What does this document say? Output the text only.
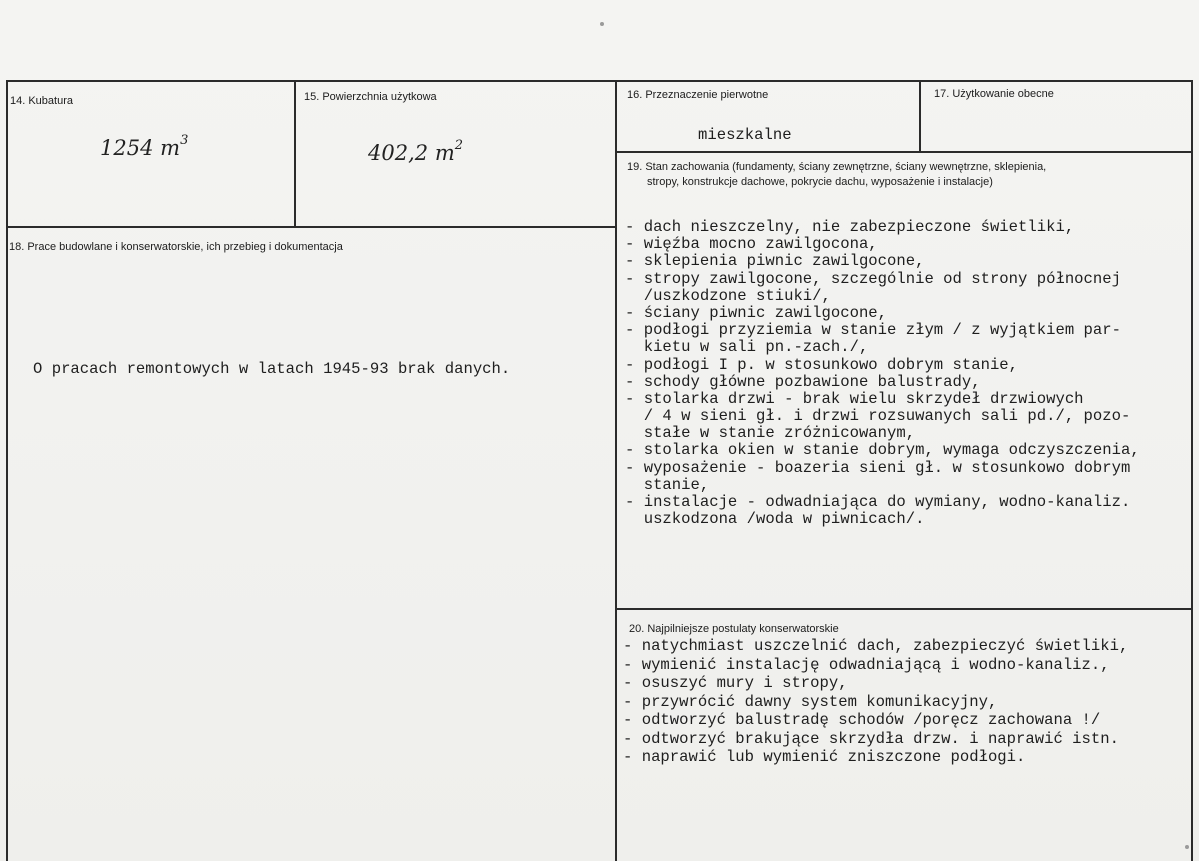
14. Kubatura
1254 $m^3$
15. Powierzchnia użytkowa
402,2 $m^2$
16. Przeznaczenie pierwotne
mieszkalne
17. Użytkowanie obecne
18. Prace budowlane i konserwatorskie, ich przebieg i dokumentacja
O pracach remontowych w latach 1945-93 brak danych.
19. Stan zachowania (fundamenty, ściany zewnętrzne, ściany wewnętrzne, sklepienia,
stropy, konstrukcje dachowe, pokrycie dachu, wyposażenie i instalacje)
- dach nieszczelny, nie zabezpieczone świetliki,
- więźba mocno zawilgocona,
- sklepienia piwnic zawilgocone,
- stropy zawilgocone, szczególnie od strony północnej
/uszkodzone stiuki/,
- ściany piwnic zawilgocone,
- podłogi przyziemia w stanie złym / z wyjątkiem par-
kietu w sali pn.-zach./,
- podłogi I p. w stosunkowo dobrym stanie,
- schody główne pozbawione balustrady,
- stolarka drzwi - brak wielu skrzydeł drzwiowych
/ 4 w sieni gł. i drzwi rozsuwanych sali pd./, pozo-
stałe w stanie zróżnicowanym,
- stolarka okien w stanie dobrym, wymaga odczyszczenia,
- wyposażenie - boazeria sieni gł. w stosunkowo dobrym
stanie,
- instalacje - odwadniająca do wymiany, wodno-kanaliz.
uszkodzona /woda w piwnicach/.
20. Najpilniejsze postulaty konserwatorskie
- natychmiast uszczelnić dach, zabezpieczyć świetliki,
- wymienić instalację odwadniającą i wodno-kanaliz.,
- osuszyć mury i stropy,
- przywrócić dawny system komunikacyjny,
- odtworzyć balustradę schodów /poręcz zachowana !/
- odtworzyć brakujące skrzydła drzw. i naprawić istn.
- naprawić lub wymienić zniszczone podłogi.
